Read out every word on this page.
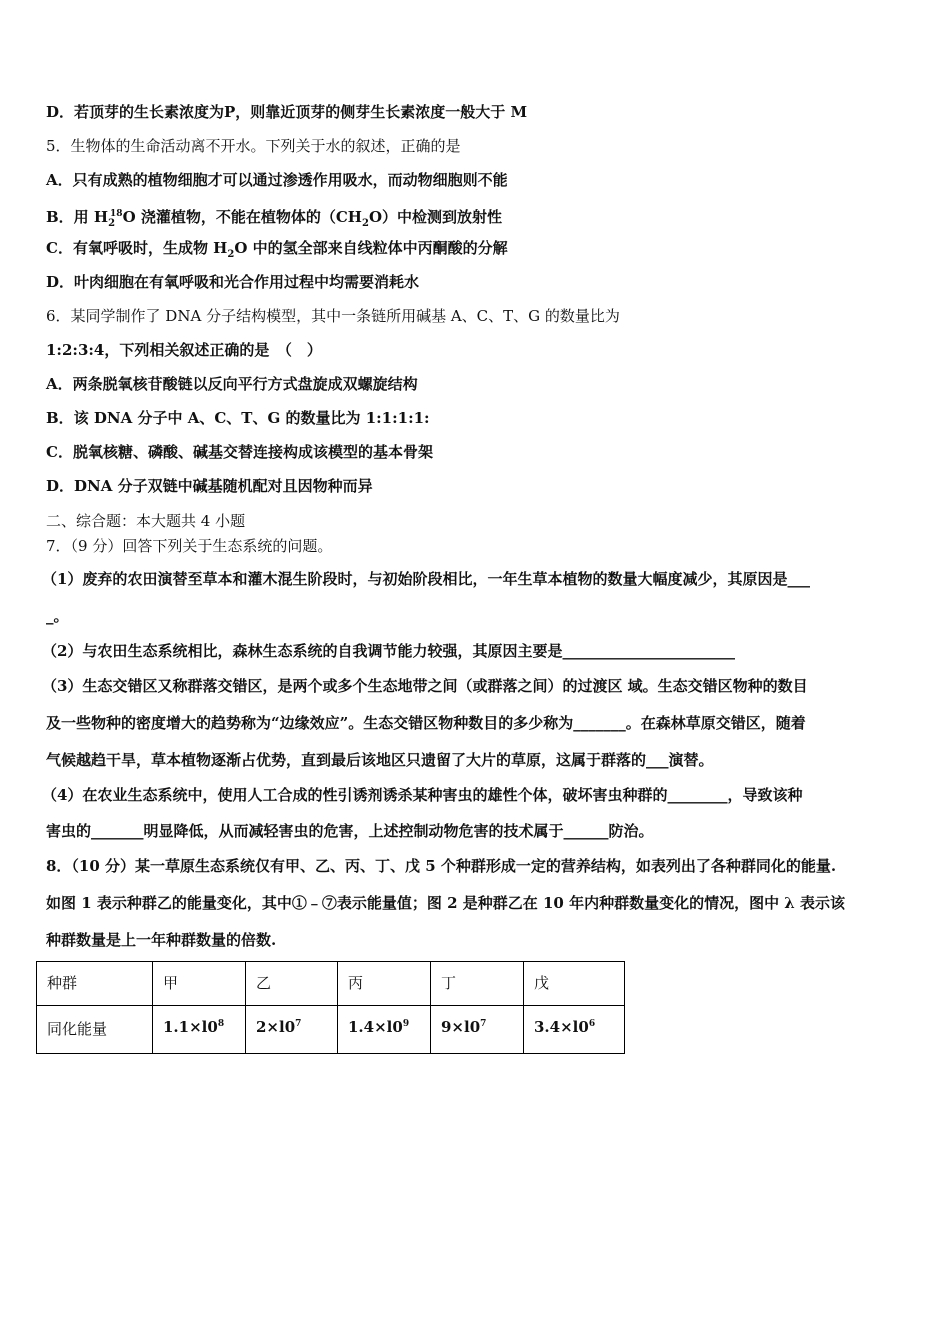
D．若顶芽的生长素浓度为P，则靠近顶芽的侧芽生长素浓度一般大于 M
5．生物体的生命活动离不开水。下列关于水的叙述，正确的是
A．只有成熟的植物细胞才可以通过渗透作用吸水，而动物细胞则不能
B．用 $H_2^{18}O$ 浇灌植物，不能在植物体的$(CH_2O)$中检测到放射性
C．有氧呼吸时，生成物 $H_2O$ 中的氢全部来自线粒体中丙酮酸的分解
D．叶肉细胞在有氧呼吸和光合作用过程中均需要消耗水
6．某同学制作了 DNA 分子结构模型，其中一条链所用碱基 A、C、T、G 的数量比为
1:2:3:4，下列相关叙述正确的是　（　）
A．两条脱氧核苷酸链以反向平行方式盘旋成双螺旋结构
B．该 DNA 分子中 A、C、T、G 的数量比为 1:1:1:1:
C．脱氧核糖、磷酸、碱基交替连接构成该模型的基本骨架
D．DNA 分子双链中碱基随机配对且因物种而异
二、综合题：本大题共 4 小题
7．（9 分）回答下列关于生态系统的问题。
（1）废弃的农田演替至草本和灌木混生阶段时，与初始阶段相比，一年生草本植物的数量大幅度减少，其原因是___
_。
（2）与农田生态系统相比，森林生态系统的自我调节能力较强，其原因主要是_______________________
（3）生态交错区又称群落交错区，是两个或多个生态地带之间（或群落之间）的过渡区 域。生态交错区物种的数目
及一些物种的密度增大的趋势称为“边缘效应”。生态交错区物种数目的多少称为_______。在森林草原交错区，随着
气候越趋干旱，草本植物逐渐占优势，直到最后该地区只遗留了大片的草原，这属于群落的___演替。
（4）在农业生态系统中，使用人工合成的性引诱剂诱杀某种害虫的雄性个体，破坏害虫种群的________，导致该种
害虫的_______明显降低，从而减轻害虫的危害，上述控制动物危害的技术属于______防治。
8．（10 分）某一草原生态系统仅有甲、乙、丙、丁、戊 5 个种群形成一定的营养结构，如表列出了各种群同化的能量.
如图 1 表示种群乙的能量变化，其中①﹣⑦表示能量值；图 2 是种群乙在 10 年内种群数量变化的情况，图中 λ 表示该
种群数量是上一年种群数量的倍数.
种群	甲	乙	丙	丁	戊
同化能量	$1.1\times l0^8$	$2\times l0^7$	$1.4\times l0^9$	$9\times l0^7$	$3.4\times l0^6$
